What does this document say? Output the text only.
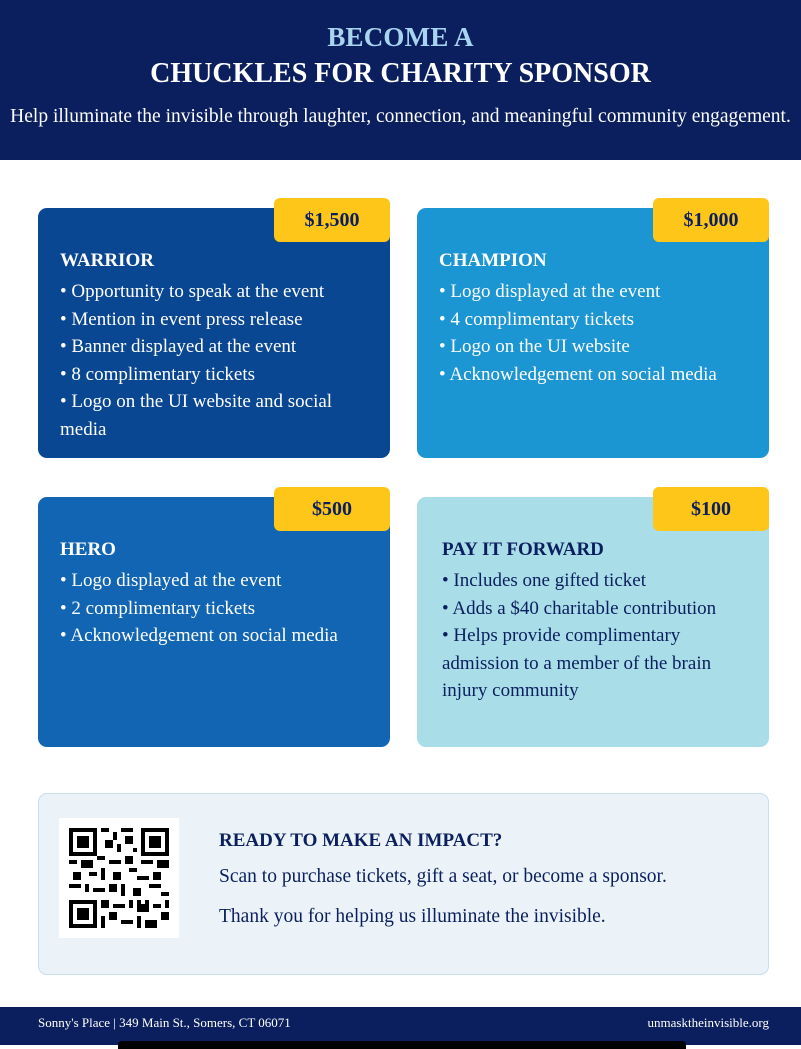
BECOME A
CHUCKLES FOR CHARITY SPONSOR
Help illuminate the invisible through laughter, connection, and meaningful community engagement.
$1,500
WARRIOR
• Opportunity to speak at the event
• Mention in event press release
• Banner displayed at the event
• 8 complimentary tickets
• Logo on the UI website and social media
$1,000
CHAMPION
• Logo displayed at the event
• 4 complimentary tickets
• Logo on the UI website
• Acknowledgement on social media
$500
HERO
• Logo displayed at the event
• 2 complimentary tickets
• Acknowledgement on social media
$100
PAY IT FORWARD
• Includes one gifted ticket
• Adds a $40 charitable contribution
• Helps provide complimentary admission to a member of the brain injury community
READY TO MAKE AN IMPACT?
Scan to purchase tickets, gift a seat, or become a sponsor.
Thank you for helping us illuminate the invisible.
Sonny's Place | 349 Main St., Somers, CT 06071	unmasktheinvisible.org
